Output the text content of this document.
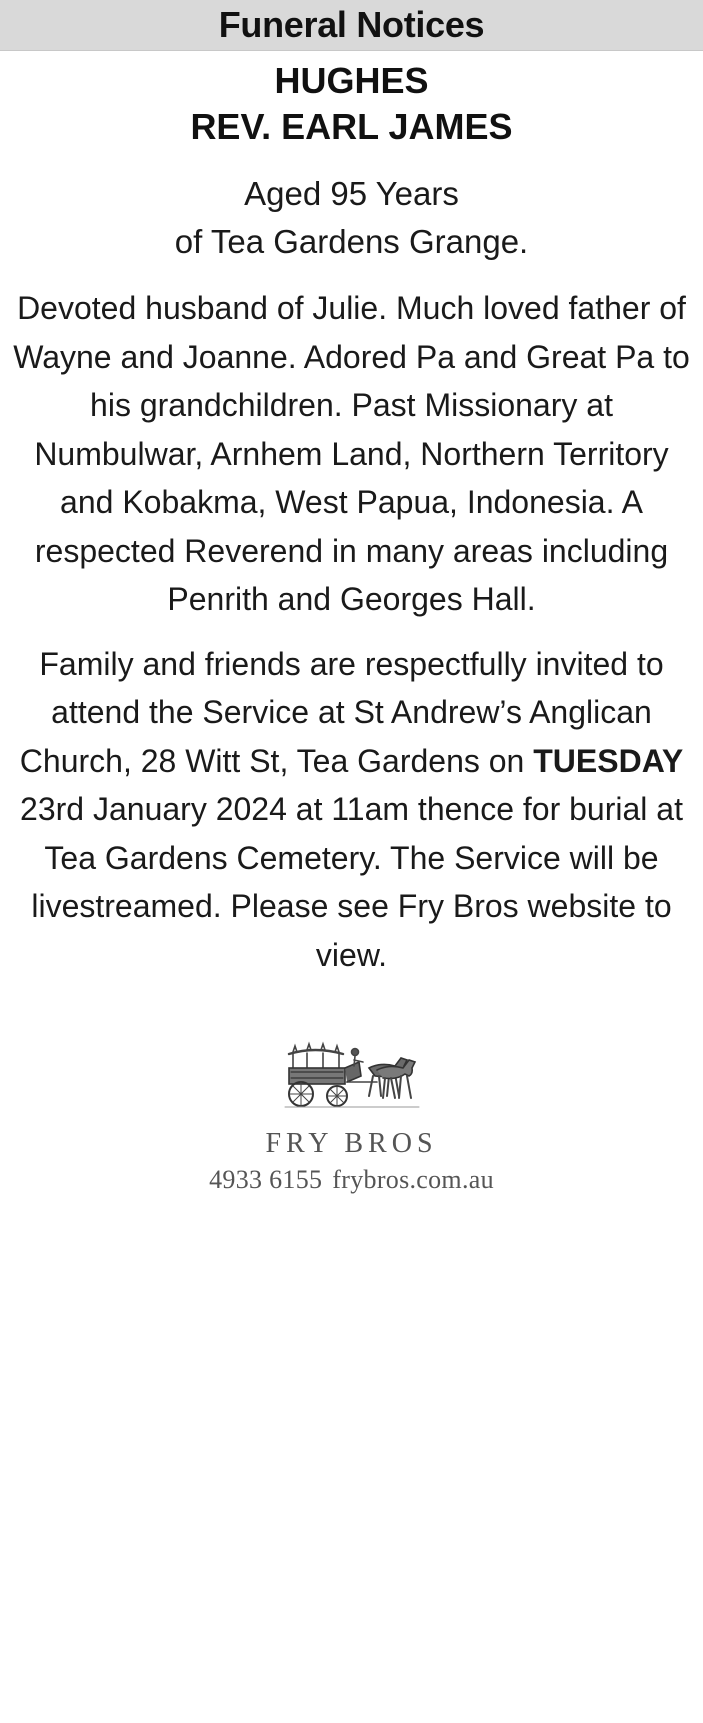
Funeral Notices

HUGHES

REV. EARL JAMES

Aged 95 Years
of Tea Gardens Grange.

Devoted husband of Julie. Much loved father of Wayne and Joanne. Adored Pa and Great Pa to his grandchildren. Past Missionary at Numbulwar, Arnhem Land, Northern Territory and Kobakma, West Papua, Indonesia. A respected Reverend in many areas including Penrith and Georges Hall.

Family and friends are respectfully invited to attend the Service at St Andrew’s Anglican Church, 28 Witt St, Tea Gardens on TUESDAY 23rd January 2024 at 11am thence for burial at Tea Gardens Cemetery. The Service will be livestreamed. Please see Fry Bros website to view.

FRY BROS
4933 6155 frybros.com.au
